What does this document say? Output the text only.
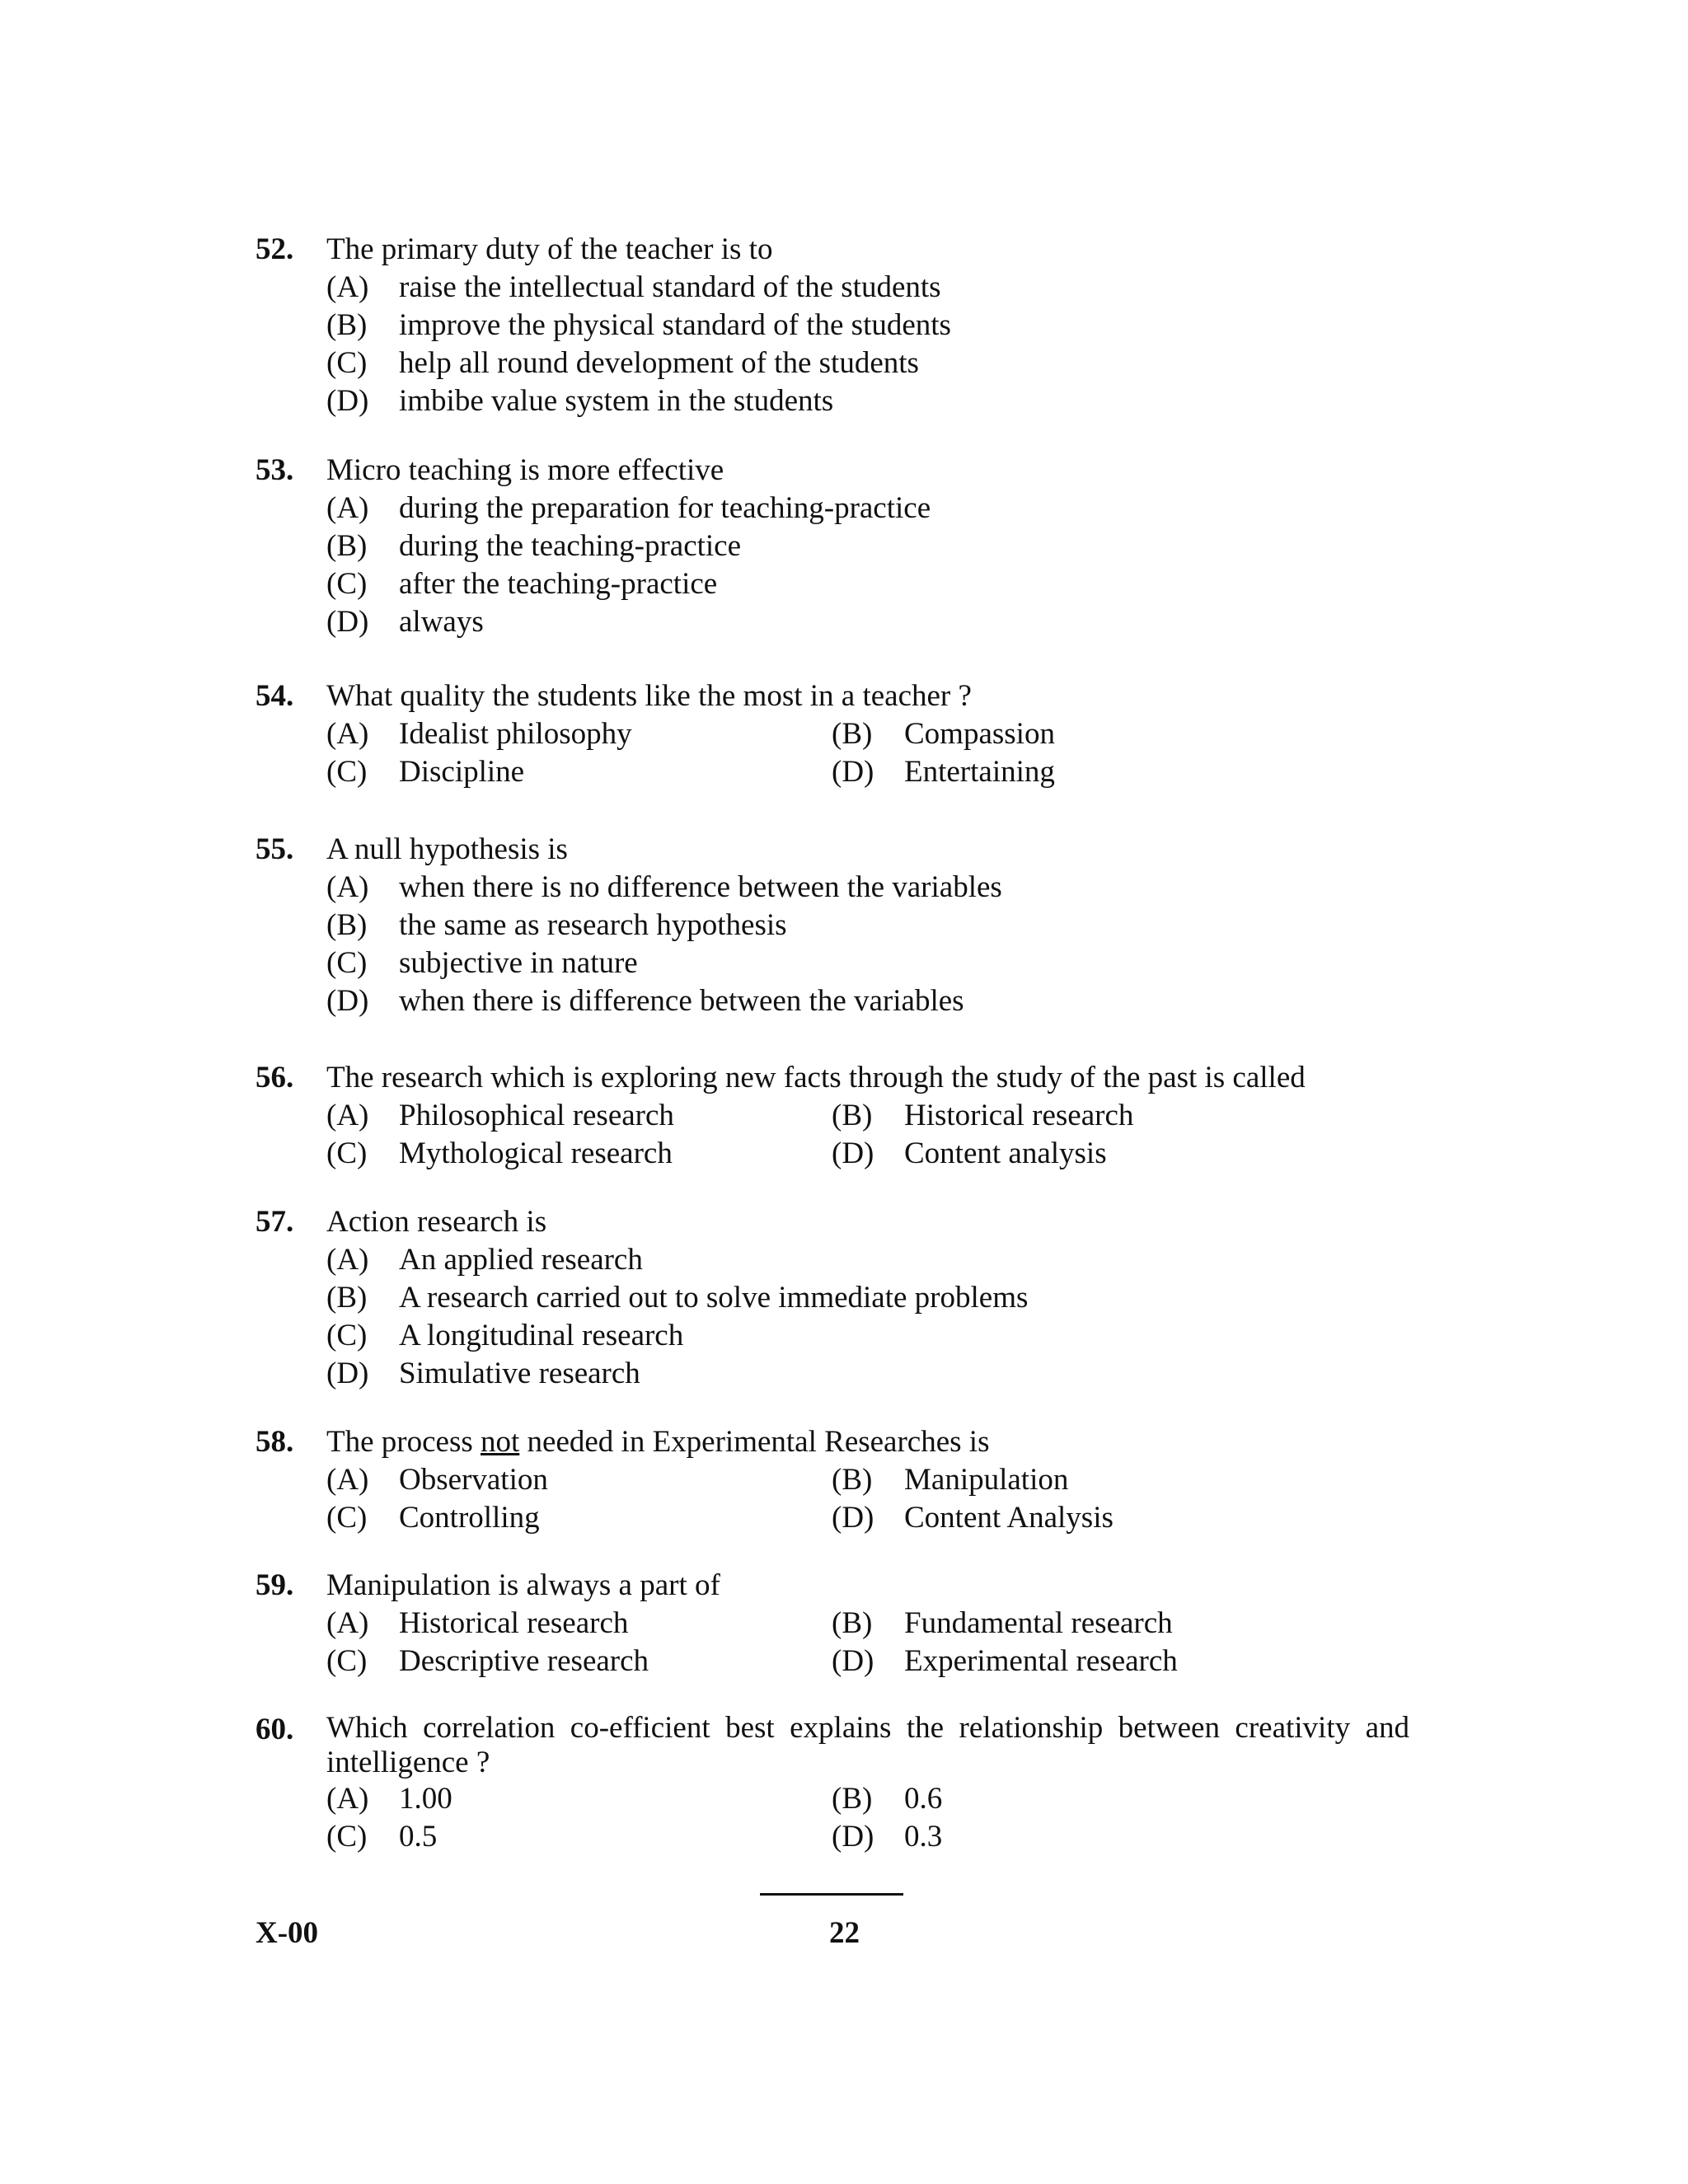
52. The primary duty of the teacher is to
(A) raise the intellectual standard of the students
(B) improve the physical standard of the students
(C) help all round development of the students
(D) imbibe value system in the students
53. Micro teaching is more effective
(A) during the preparation for teaching-practice
(B) during the teaching-practice
(C) after the teaching-practice
(D) always
54. What quality the students like the most in a teacher ?
(A) Idealist philosophy	(B) Compassion
(C) Discipline	(D) Entertaining
55. A null hypothesis is
(A) when there is no difference between the variables
(B) the same as research hypothesis
(C) subjective in nature
(D) when there is difference between the variables
56. The research which is exploring new facts through the study of the past is called
(A) Philosophical research	(B) Historical research
(C) Mythological research	(D) Content analysis
57. Action research is
(A) An applied research
(B) A research carried out to solve immediate problems
(C) A longitudinal research
(D) Simulative research
58. The process not needed in Experimental Researches is
(A) Observation	(B) Manipulation
(C) Controlling	(D) Content Analysis
59. Manipulation is always a part of
(A) Historical research	(B) Fundamental research
(C) Descriptive research	(D) Experimental research
60. Which correlation co-efficient best explains the relationship between creativity and intelligence ?
(A) 1.00	(B) 0.6
(C) 0.5	(D) 0.3
X-00	22
